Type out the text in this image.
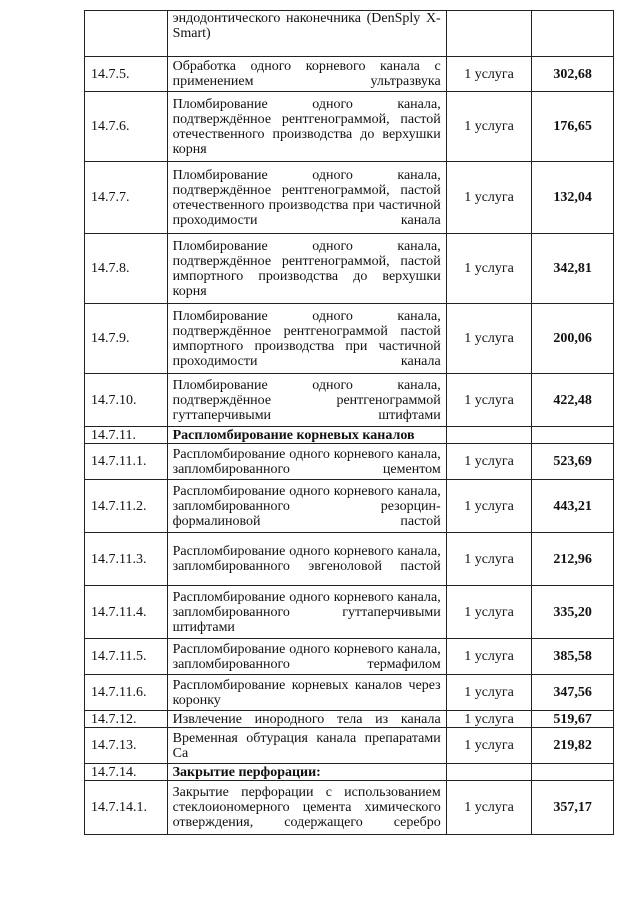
	эндодонтического наконечника (DenSply X-Smart)		
14.7.5.	Обработка одного корневого канала с применением ультразвука	1 услуга	302,68
14.7.6.	Пломбирование одного канала, подтверждённое рентгенограммой, пастой отечественного производства до верхушки корня	1 услуга	176,65
14.7.7.	Пломбирование одного канала, подтверждённое рентгенограммой, пастой отечественного производства при частичной проходимости канала	1 услуга	132,04
14.7.8.	Пломбирование одного канала, подтверждённое рентгенограммой, пастой импортного производства до верхушки корня	1 услуга	342,81
14.7.9.	Пломбирование одного канала, подтверждённое рентгенограммой пастой импортного производства при частичной проходимости канала	1 услуга	200,06
14.7.10.	Пломбирование одного канала, подтверждённое рентгенограммой гуттаперчивыми штифтами	1 услуга	422,48
14.7.11.	Распломбирование корневых каналов		
14.7.11.1.	Распломбирование одного корневого канала, запломбированного цементом	1 услуга	523,69
14.7.11.2.	Распломбирование одного корневого канала, запломбированного резорцин-формалиновой пастой	1 услуга	443,21
14.7.11.3.	Распломбирование одного корневого канала, запломбированного эвгеноловой пастой	1 услуга	212,96
14.7.11.4.	Распломбирование одного корневого канала, запломбированного гуттаперчивыми штифтами	1 услуга	335,20
14.7.11.5.	Распломбирование одного корневого канала, запломбированного термафилом	1 услуга	385,58
14.7.11.6.	Распломбирование корневых каналов через коронку	1 услуга	347,56
14.7.12.	Извлечение инородного тела из канала	1 услуга	519,67
14.7.13.	Временная обтурация канала препаратами Са	1 услуга	219,82
14.7.14.	Закрытие перфорации:		
14.7.14.1.	Закрытие перфорации с использованием стеклоиономерного цемента химического отверждения, содержащего серебро	1 услуга	357,17
